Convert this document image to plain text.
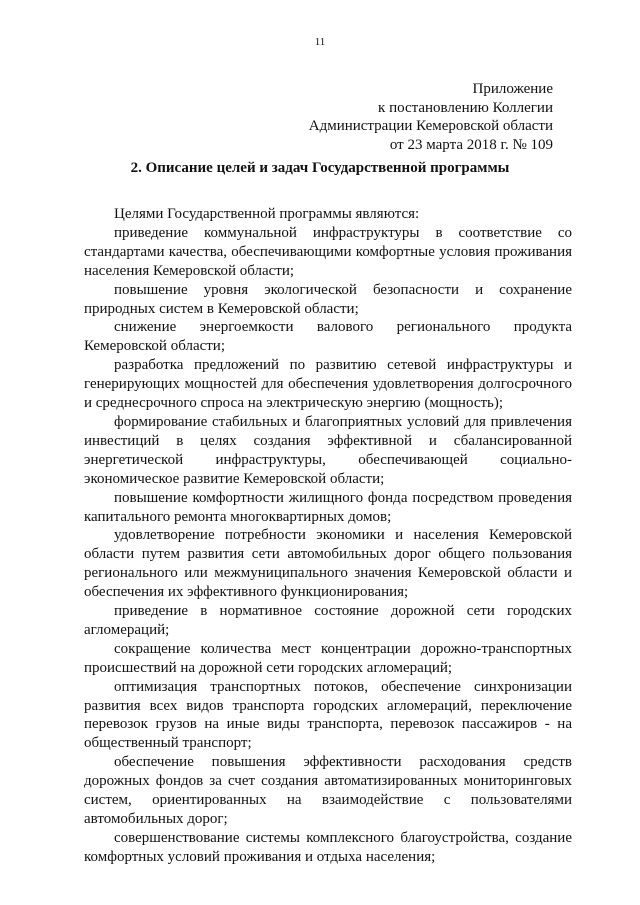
11
Приложение
к постановлению Коллегии
Администрации Кемеровской области
от 23 марта 2018 г. № 109
2. Описание целей и задач Государственной программы

Целями Государственной программы являются:

приведение коммунальной инфраструктуры в соответствие со стандартами качества, обеспечивающими комфортные условия проживания населения Кемеровской области;

повышение уровня экологической безопасности и сохранение природных систем в Кемеровской области;

снижение энергоемкости валового регионального продукта Кемеровской области;

разработка предложений по развитию сетевой инфраструктуры и генерирующих мощностей для обеспечения удовлетворения долгосрочного и среднесрочного спроса на электрическую энергию (мощность);

формирование стабильных и благоприятных условий для привлечения инвестиций в целях создания эффективной и сбалансированной энергетической инфраструктуры, обеспечивающей социально-экономическое развитие Кемеровской области;

повышение комфортности жилищного фонда посредством проведения капитального ремонта многоквартирных домов;

удовлетворение потребности экономики и населения Кемеровской области путем развития сети автомобильных дорог общего пользования регионального или межмуниципального значения Кемеровской области и обеспечения их эффективного функционирования;

приведение в нормативное состояние дорожной сети городских агломераций;

сокращение количества мест концентрации дорожно-транспортных происшествий на дорожной сети городских агломераций;

оптимизация транспортных потоков, обеспечение синхронизации развития всех видов транспорта городских агломераций, переключение перевозок грузов на иные виды транспорта, перевозок пассажиров - на общественный транспорт;

обеспечение повышения эффективности расходования средств дорожных фондов за счет создания автоматизированных мониторинговых систем, ориентированных на взаимодействие с пользователями автомобильных дорог;

совершенствование системы комплексного благоустройства, создание комфортных условий проживания и отдыха населения;
